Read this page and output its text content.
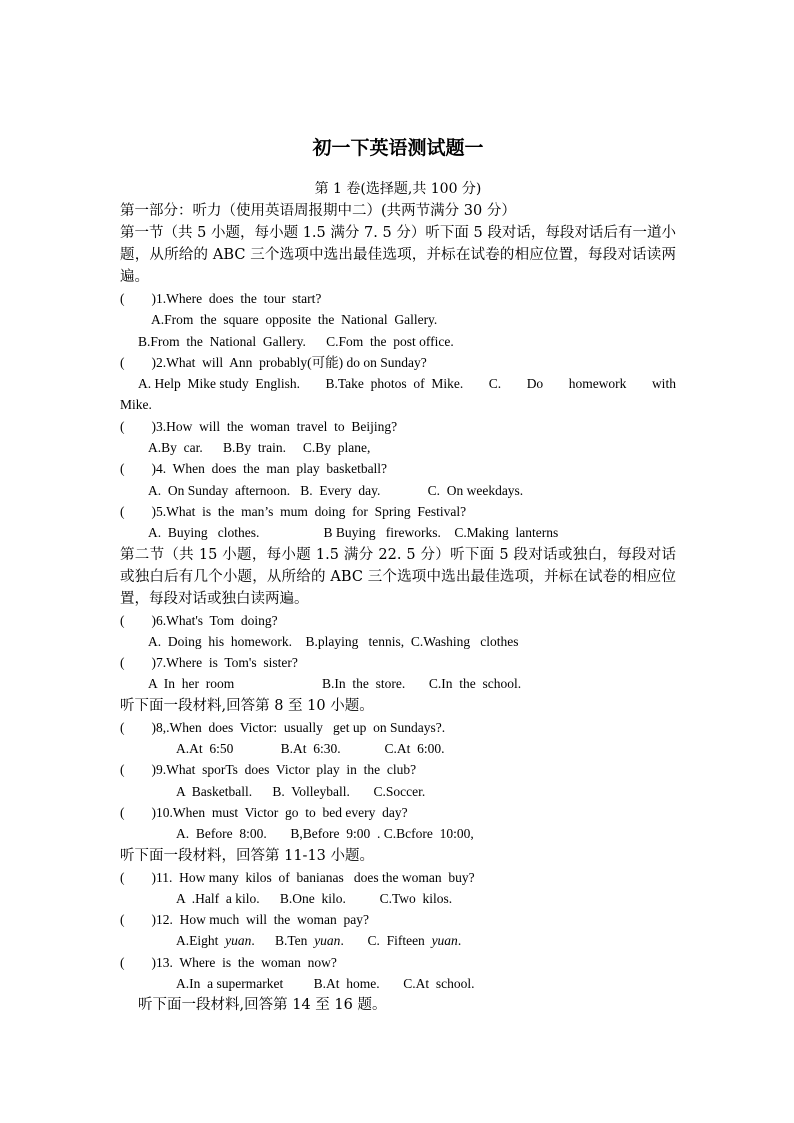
初一下英语测试题一
第 1 卷(选择题,共 100 分)
第一部分：听力（使用英语周报期中二）(共两节满分 30 分）
第一节（共 5 小题，每小题 1.5 满分 7. 5 分）听下面 5 段对话，每段对话后有一道小题，从所给的 ABC 三个选项中选出最佳选项，并标在试卷的相应位置，每段对话读两遍。
(        )1.Where  does  the  tour  start?
A.From  the  square  opposite  the  National  Gallery.
B.From  the  National  Gallery.      C.Fom  the  post office.
(        )2.What  will  Ann  probably(可能) do on Sunday?
A. Help  Mike study  English. B.Take  photos  of  Mike. C. Do homework with
Mike.
(        )3.How  will  the  woman  travel  to  Beijing?
A.By  car.      B.By  train.     C.By  plane,
(        )4.  When  does  the  man  play  basketball?
A.  On Sunday  afternoon.   B.  Every  day.              C.  On weekdays.
(        )5.What  is  the  man’s  mum  doing  for  Spring  Festival?
A.  Buying   clothes.                   B Buying   fireworks.    C.Making  lanterns
第二节（共 15 小题，每小题 1.5 满分 22. 5 分）听下面 5 段对话或独白，每段对话或独白后有几个小题，从所给的 ABC 三个选项中选出最佳选项，并标在试卷的相应位置，每段对话或独白读两遍。
(        )6.What's  Tom  doing?
A.  Doing  his  homework.    B.playing   tennis,  C.Washing   clothes
(        )7.Where  is  Tom's  sister?
A  In  her  room                          B.In  the  store.       C.In  the  school.
听下面一段材料,回答第 8 至 10 小题。
(        )8,.When  does  Victor:  usually   get up  on Sundays?.
A.At  6:50              B.At  6:30.             C.At  6:00.
(        )9.What  sporTs  does  Victor  play  in  the  club?
A  Basketball.      B.  Volleyball.       C.Soccer.
(        )10.When  must  Victor  go  to  bed every  day?
A.  Before  8:00.       B,Before  9:00  . C.Bcfore  10:00,
听下面一段材料，回答第 11-13 小题。
(        )11.  How many  kilos  of  banianas   does the woman  buy?
A  .Half  a kilo.      B.One  kilo.          C.Two  kilos.
(        )12.  How much  will  the  woman  pay?
A.Eight  yuan.      B.Ten  yuan.       C.  Fifteen  yuan.
(        )13.  Where  is  the  woman  now?
A.In  a supermarket         B.At  home.       C.At  school.
听下面一段材料,回答第 14 至 16 题。
